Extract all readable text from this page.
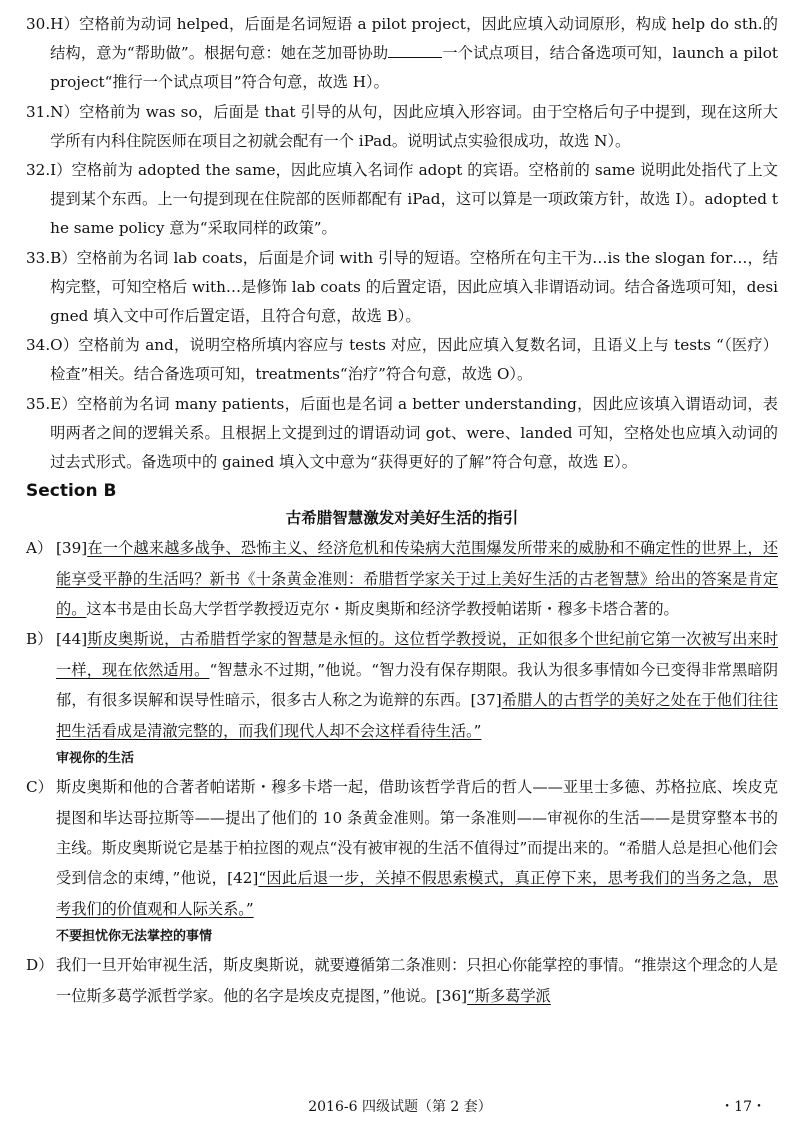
30. H）空格前为动词 helped，后面是名词短语 a pilot project，因此应填入动词原形，构成 help do sth.的结构，意为“帮助做”。根据句意：她在芝加哥协助	一个试点项目，结合备选项可知，launch a pilot project“推行一个试点项目”符合句意，故选 H）。
31. N）空格前为 was so，后面是 that 引导的从句，因此应填入形容词。由于空格后句子中提到，现在这所大学所有内科住院医师在项目之初就会配有一个 iPad。说明试点实验很成功，故选 N）。
32. I）空格前为 adopted the same，因此应填入名词作 adopt 的宾语。空格前的 same 说明此处指代了上文提到某个东西。上一句提到现在住院部的医师都配有 iPad，这可以算是一项政策方针，故选 I）。adopted the same policy 意为“采取同样的政策”。
33. B）空格前为名词 lab coats，后面是介词 with 引导的短语。空格所在句主干为…is the slogan for…，结构完整，可知空格后 with…是修饰 lab coats 的后置定语，因此应填入非谓语动词。结合备选项可知，designed 填入文中可作后置定语，且符合句意，故选 B）。
34. O）空格前为 and，说明空格所填内容应与 tests 对应，因此应填入复数名词，且语义上与 tests “（医疗）检查”相关。结合备选项可知，treatments“治疗”符合句意，故选 O）。
35. E）空格前为名词 many patients，后面也是名词 a better understanding，因此应该填入谓语动词，表明两者之间的逻辑关系。且根据上文提到过的谓语动词 got、were、landed 可知，空格处也应填入动词的过去式形式。备选项中的 gained 填入文中意为“获得更好的了解”符合句意，故选 E）。
Section B
古希腊智慧激发对美好生活的指引
A） [39]在一个越来越多战争、恐怖主义、经济危机和传染病大范围爆发所带来的威胁和不确定性的世界上，还能享受平静的生活吗？新书《十条黄金准则：希腊哲学家关于过上美好生活的古老智慧》给出的答案是肯定的。这本书是由长岛大学哲学教授迈克尔・斯皮奥斯和经济学教授帕诺斯・穆多卡塔合著的。
B） [44]斯皮奥斯说，古希腊哲学家的智慧是永恒的。这位哲学教授说，正如很多个世纪前它第一次被写出来时一样，现在依然适用。“智慧永不过期，”他说。“智力没有保存期限。我认为很多事情如今已变得非常黑暗阴郁，有很多误解和误导性暗示，很多古人称之为诡辩的东西。[37]希腊人的古哲学的美好之处在于他们往往把生活看成是清澈完整的，而我们现代人却不会这样看待生活。”
审视你的生活
C） 斯皮奥斯和他的合著者帕诺斯・穆多卡塔一起，借助该哲学背后的哲人——亚里士多德、苏格拉底、埃皮克提图和毕达哥拉斯等——提出了他们的 10 条黄金准则。第一条准则——审视你的生活——是贯穿整本书的主线。斯皮奥斯说它是基于柏拉图的观点“没有被审视的生活不值得过”而提出来的。“希腊人总是担心他们会受到信念的束缚，”他说，[42]“因此后退一步，关掉不假思索模式，真正停下来，思考我们的当务之急，思考我们的价值观和人际关系。”
不要担忧你无法掌控的事情
D） 我们一旦开始审视生活，斯皮奥斯说，就要遵循第二条准则：只担心你能掌控的事情。“推崇这个理念的人是一位斯多葛学派哲学家。他的名字是埃皮克提图，”他说。[36]“斯多葛学派
2016-6 四级试题（第 2 套）	・17・
